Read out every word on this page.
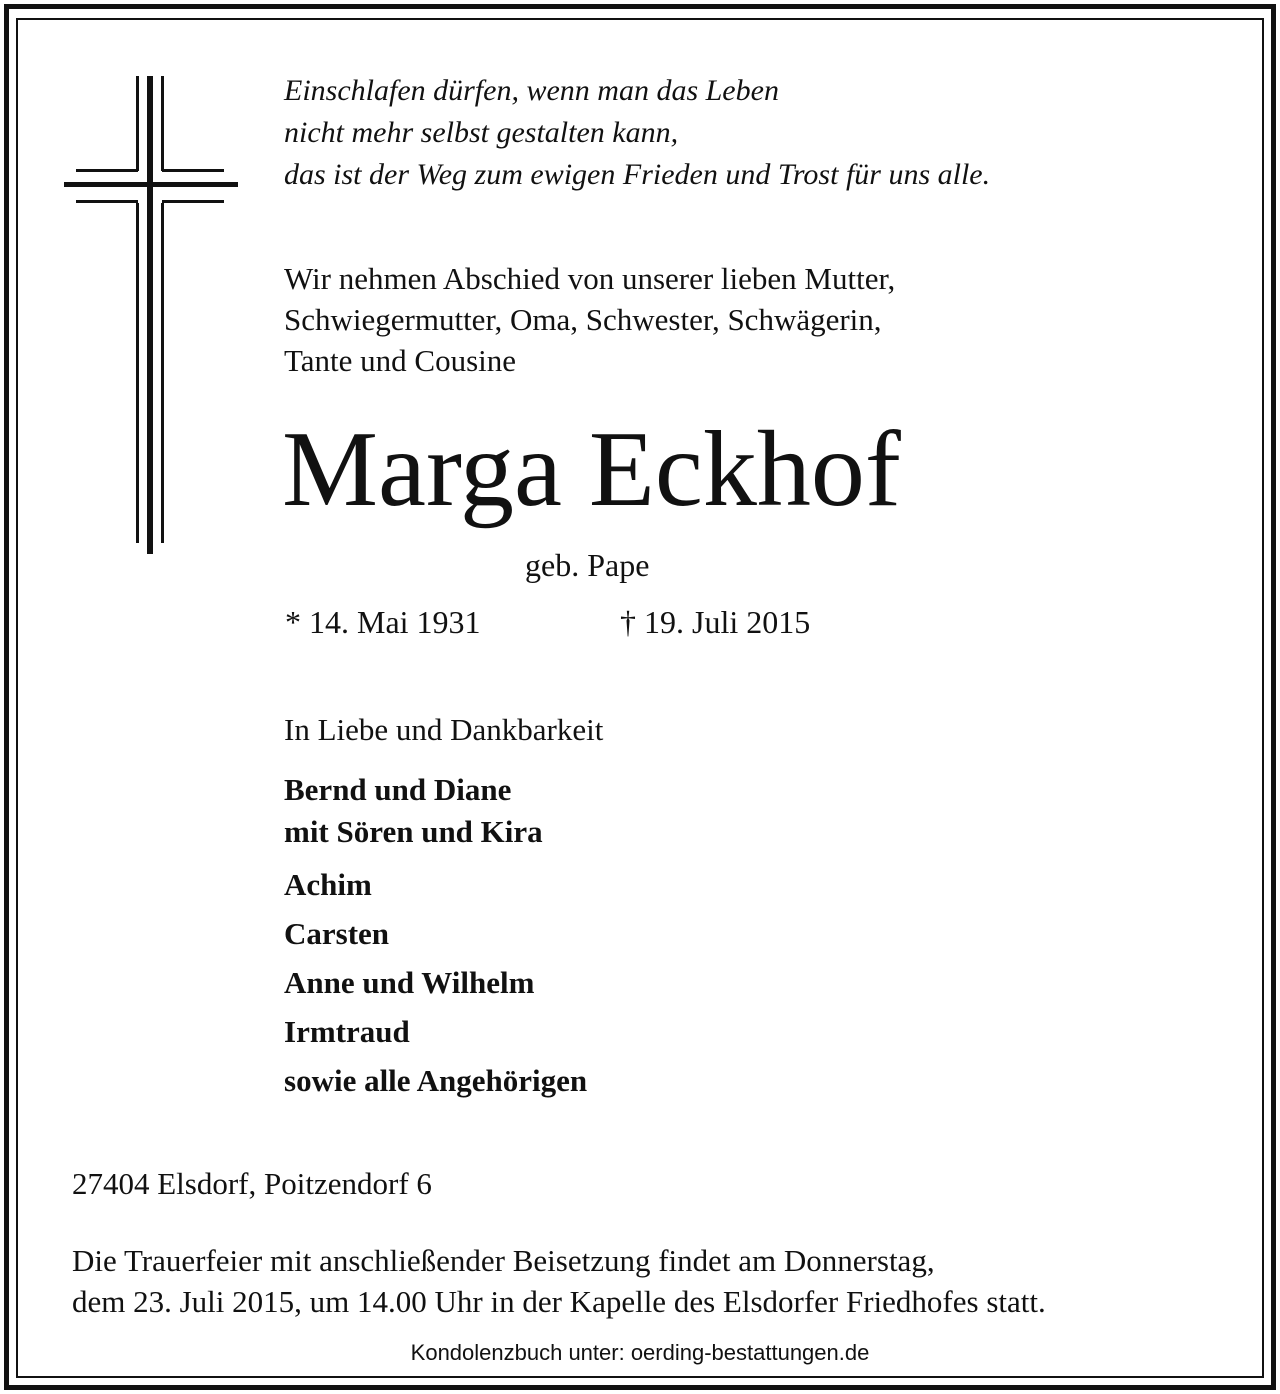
Einschlafen dürfen, wenn man das Leben
nicht mehr selbst gestalten kann,
das ist der Weg zum ewigen Frieden und Trost für uns alle.
Wir nehmen Abschied von unserer lieben Mutter,
Schwiegermutter, Oma, Schwester, Schwägerin,
Tante und Cousine
Marga Eckhof
geb. Pape
* 14. Mai 1931	† 19. Juli 2015
In Liebe und Dankbarkeit
Bernd und Diane
mit Sören und Kira
Achim
Carsten
Anne und Wilhelm
Irmtraud
sowie alle Angehörigen
27404 Elsdorf, Poitzendorf 6
Die Trauerfeier mit anschließender Beisetzung findet am Donnerstag,
dem 23. Juli 2015, um 14.00 Uhr in der Kapelle des Elsdorfer Friedhofes statt.
Kondolenzbuch unter: oerding-bestattungen.de
